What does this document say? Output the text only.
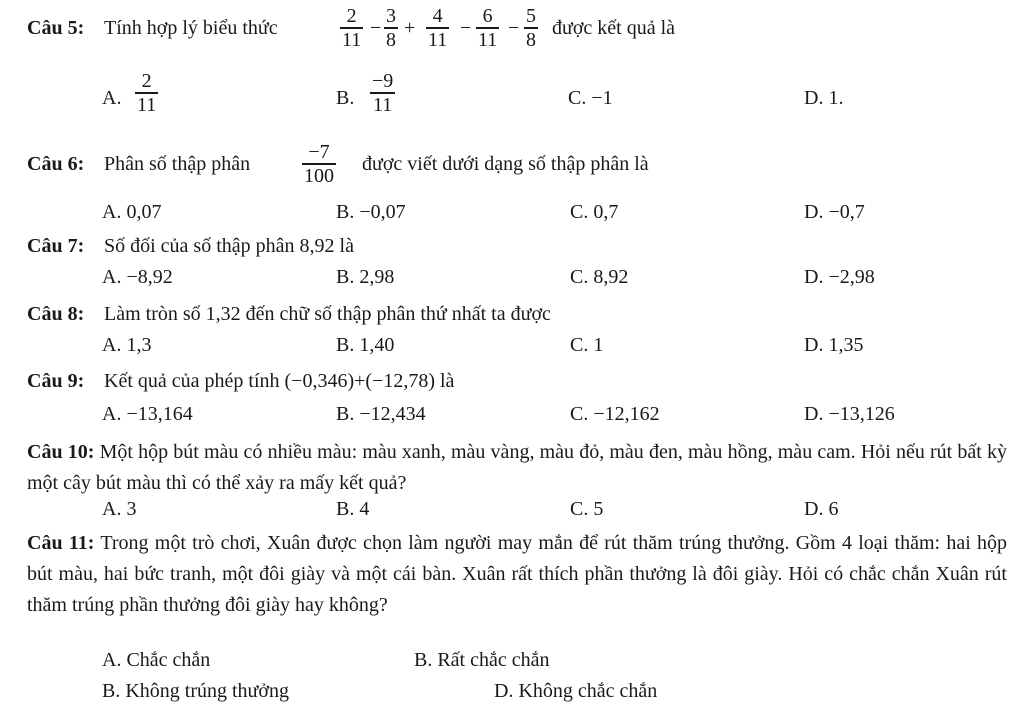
Câu 5: Tính hợp lý biểu thức
2
11
−
3
8
+
4
11
−
6
11
−
5
8
được kết quả là
A.
2
11	B.
−9
11	C. −1	D. 1.
Câu 6: Phân số thập phân
−7
100
được viết dưới dạng số thập phân là
A. 0,07	B. −0,07	C. 0,7	D. −0,7
Câu 7: Số đối của số thập phân 8,92 là
A. −8,92	B. 2,98	C. 8,92	D. −2,98
Câu 8: Làm tròn số 1,32 đến chữ số thập phân thứ nhất ta được
A. 1,3	B. 1,40	C. 1	D. 1,35
Câu 9: Kết quả của phép tính (−0,346)+(−12,78) là
A. −13,164	B. −12,434	C. −12,162	D. −13,126
Câu 10: Một hộp bút màu có nhiều màu: màu xanh, màu vàng, màu đỏ, màu đen, màu hồng, màu cam. Hỏi nếu rút bất kỳ một cây bút màu thì có thể xảy ra mấy kết quả?
A. 3	B. 4	C. 5	D. 6
Câu 11: Trong một trò chơi, Xuân được chọn làm người may mắn để rút thăm trúng thưởng. Gồm 4 loại thăm: hai hộp bút màu, hai bức tranh, một đôi giày và một cái bàn. Xuân rất thích phần thưởng là đôi giày. Hỏi có chắc chắn Xuân rút thăm trúng phần thưởng đôi giày hay không?
A. Chắc chắn	B. Rất chắc chắn
B. Không trúng thưởng	D. Không chắc chắn
